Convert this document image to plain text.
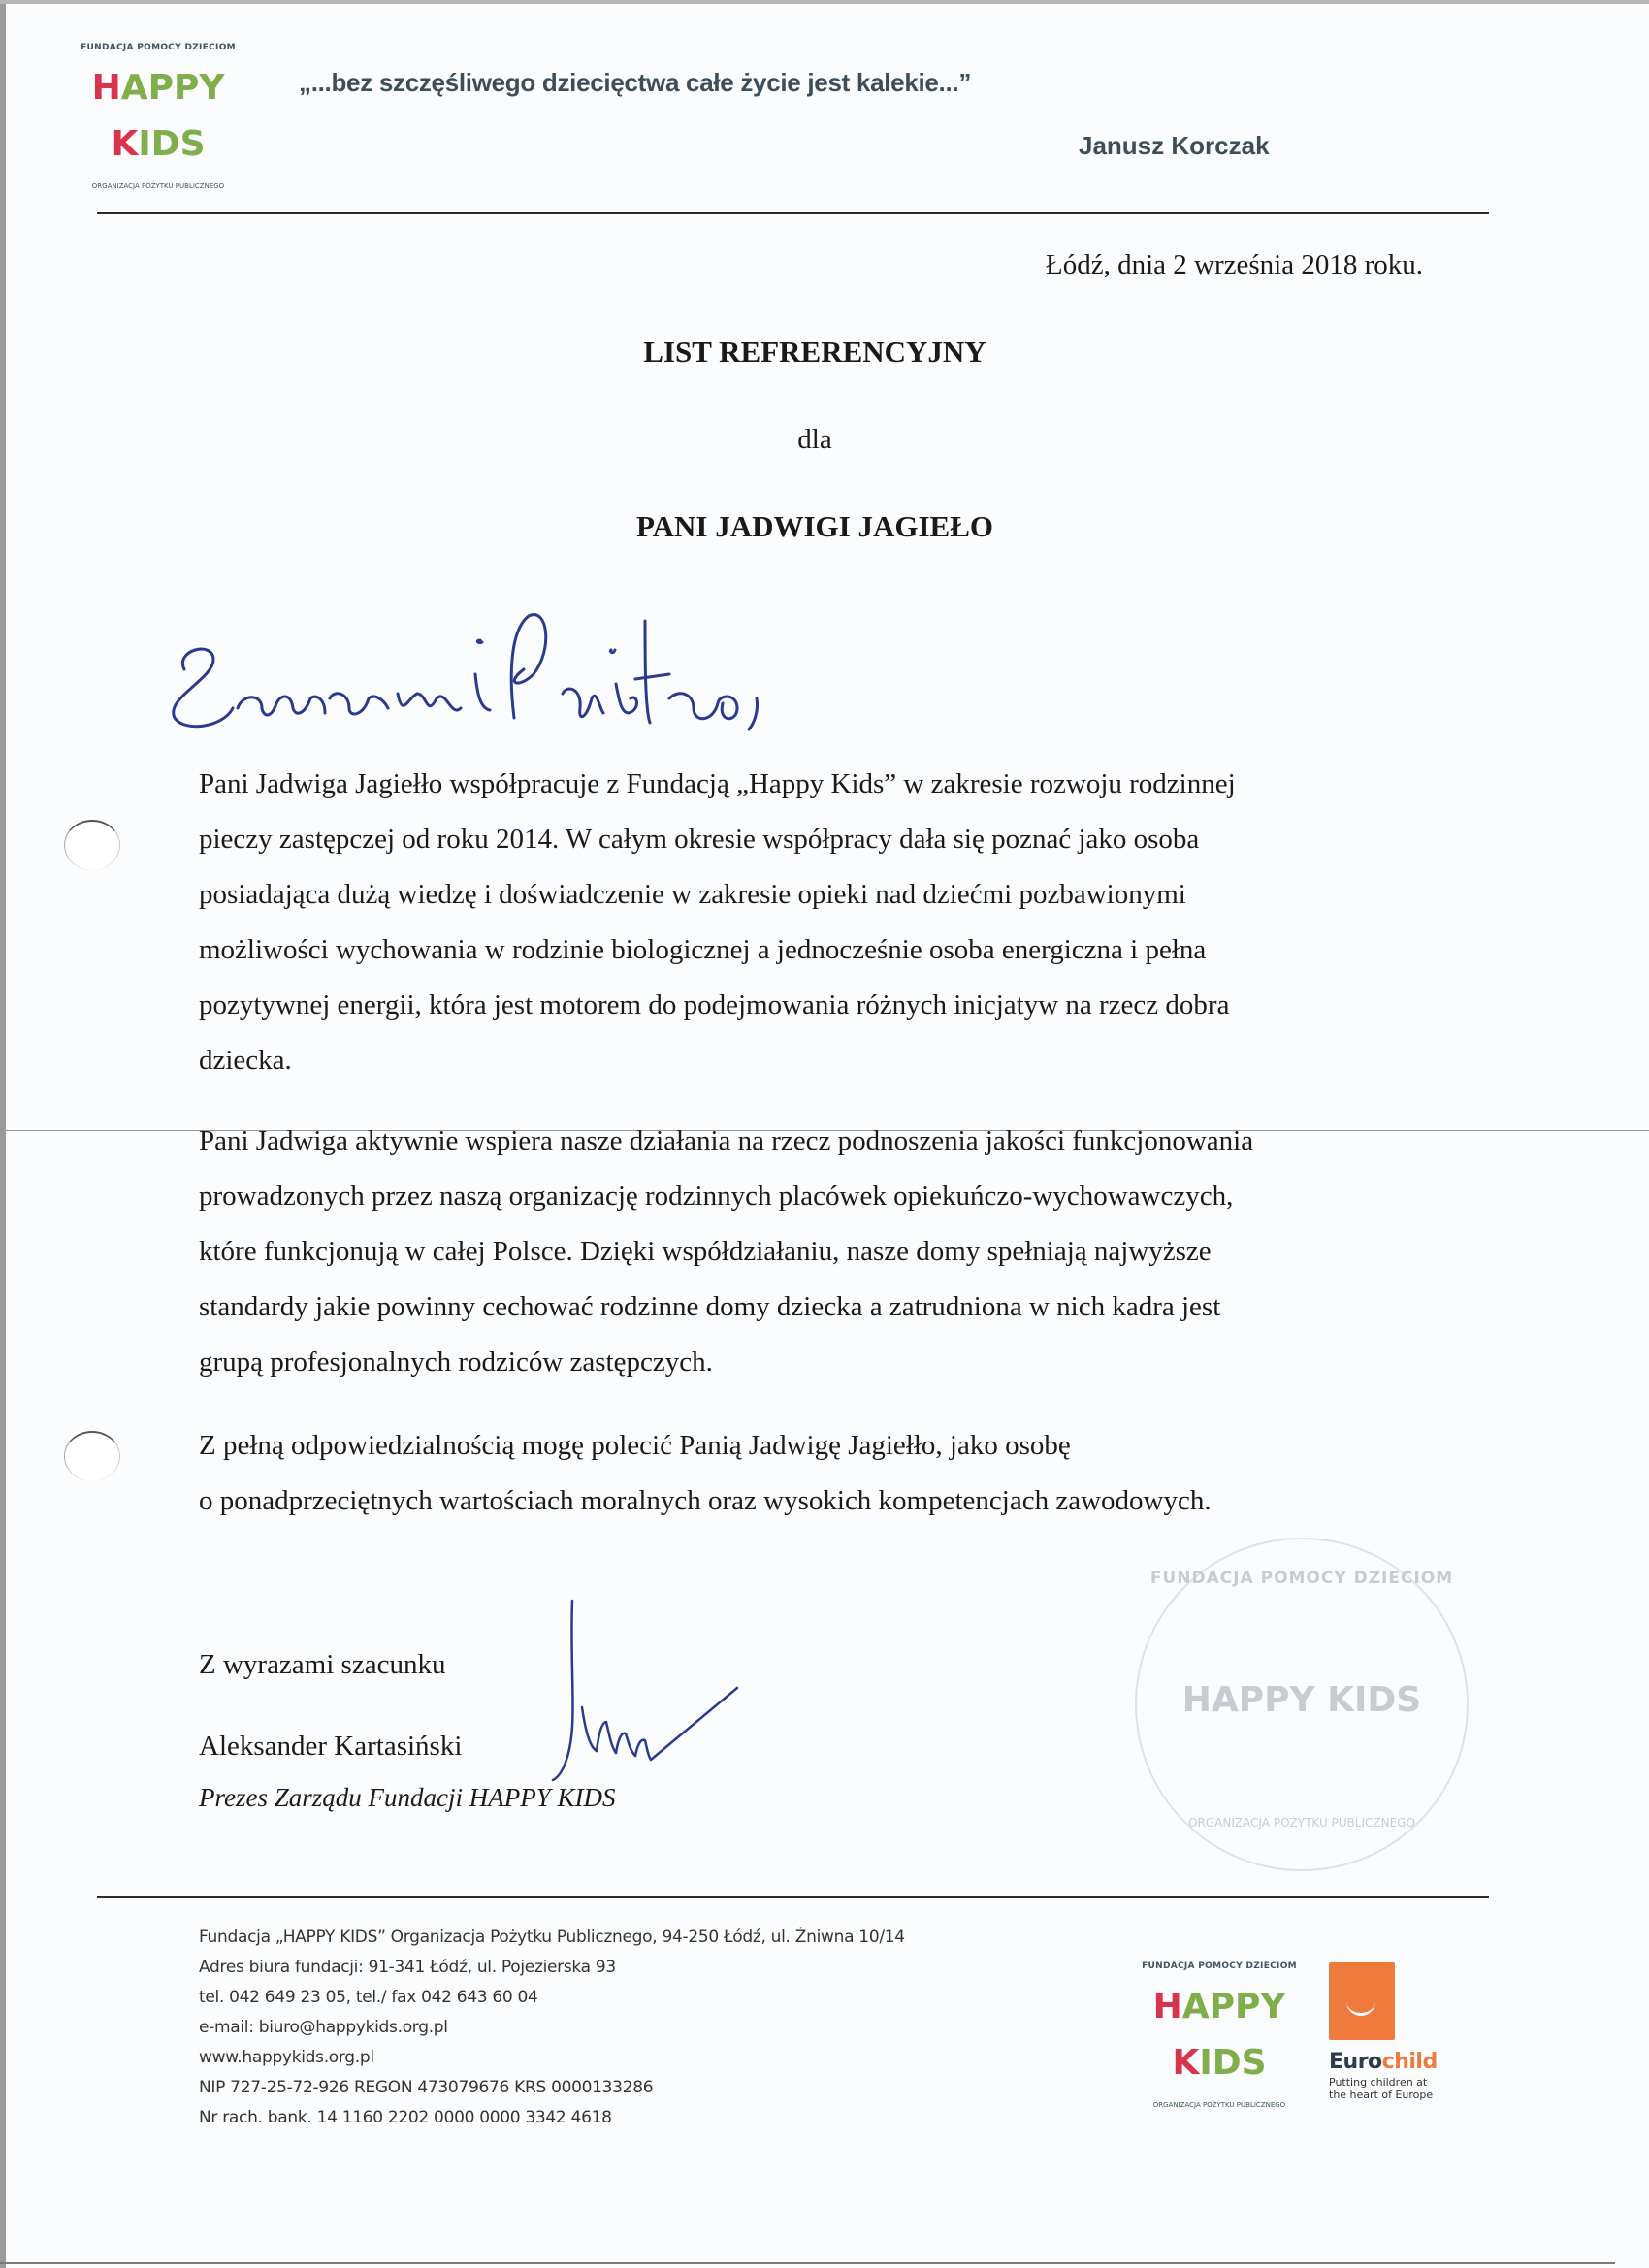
FUNDACJA POMOCY DZIECIOM
HAPPY
KIDS
ORGANIZACJA POŻYTKU PUBLICZNEGO
„...bez szczęśliwego dziecięctwa całe życie jest kalekie...”
Janusz Korczak
Łódź, dnia 2 września 2018 roku.
LIST REFRERENCYJNY
dla
PANI JADWIGI JAGIEŁO
Pani Jadwiga Jagiełło współpracuje z Fundacją „Happy Kids” w zakresie rozwoju rodzinnej
pieczy zastępczej od roku 2014. W całym okresie współpracy dała się poznać jako osoba
posiadająca dużą wiedzę i doświadczenie w zakresie opieki nad dziećmi pozbawionymi
możliwości wychowania w rodzinie biologicznej a jednocześnie osoba energiczna i pełna
pozytywnej energii, która jest motorem do podejmowania różnych inicjatyw na rzecz dobra
dziecka.
Pani Jadwiga aktywnie wspiera nasze działania na rzecz podnoszenia jakości funkcjonowania
prowadzonych przez naszą organizację rodzinnych placówek opiekuńczo-wychowawczych,
które funkcjonują w całej Polsce. Dzięki współdziałaniu, nasze domy spełniają najwyższe
standardy jakie powinny cechować rodzinne domy dziecka a zatrudniona w nich kadra jest
grupą profesjonalnych rodziców zastępczych.
Z pełną odpowiedzialnością mogę polecić Panią Jadwigę Jagiełło, jako osobę
o ponadprzeciętnych wartościach moralnych oraz wysokich kompetencjach zawodowych.
Z wyrazami szacunku
Aleksander Kartasiński
Prezes Zarządu Fundacji HAPPY KIDS
FUNDACJA POMOCY DZIECIOM
HAPPY KIDS
ORGANIZACJA POŻYTKU PUBLICZNEGO
Fundacja „HAPPY KIDS” Organizacja Pożytku Publicznego, 94-250 Łódź, ul. Żniwna 10/14
Adres biura fundacji: 91-341 Łódź, ul. Pojezierska 93
tel. 042 649 23 05, tel./ fax 042 643 60 04
e-mail: biuro@happykids.org.pl
www.happykids.org.pl
NIP 727-25-72-926 REGON 473079676 KRS 0000133286
Nr rach. bank. 14 1160 2202 0000 0000 3342 4618
FUNDACJA POMOCY DZIECIOM
HAPPY
KIDS
ORGANIZACJA POŻYTKU PUBLICZNEGO
Eurochild
Putting children at
the heart of Europe
